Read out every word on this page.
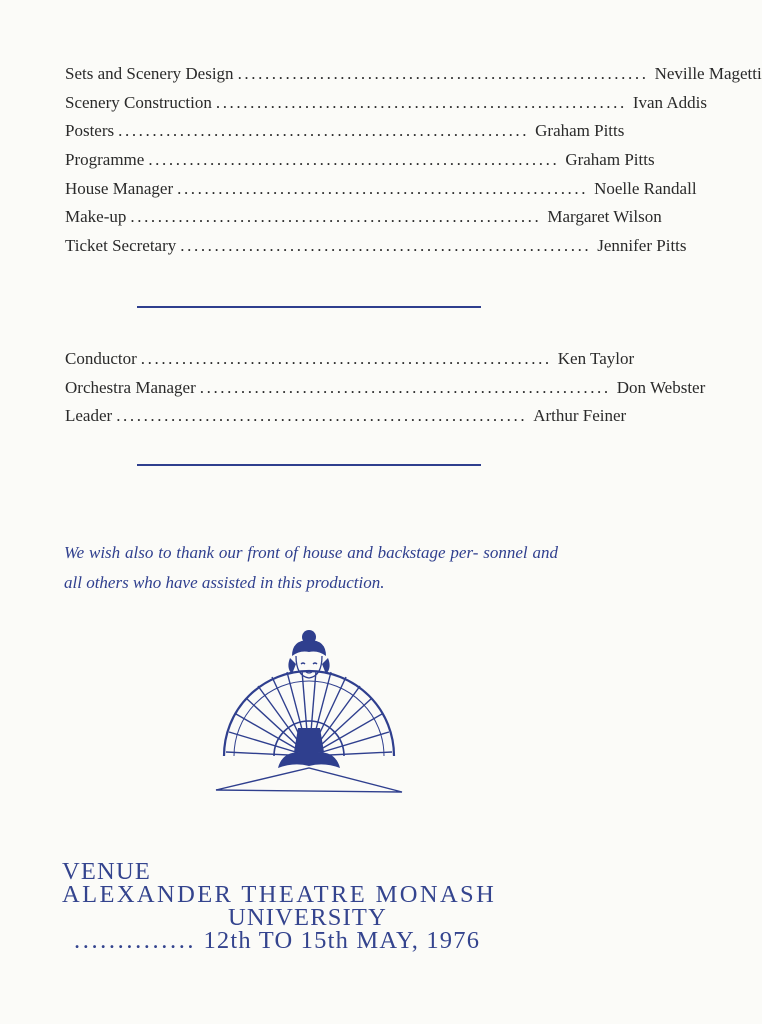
Sets and Scenery Design ............................................................ Neville Magetti
Scenery Construction ............................................................ Ivan Addis
Posters ............................................................ Graham Pitts
Programme ............................................................ Graham Pitts
House Manager ............................................................ Noelle Randall
Make-up ............................................................ Margaret Wilson
Ticket Secretary ............................................................ Jennifer Pitts
Conductor ............................................................ Ken Taylor
Orchestra Manager ............................................................ Don Webster
Leader ............................................................ Arthur Feiner

We wish also to thank our front of house and backstage per- sonnel and all others who have assisted in this production.

VENUE

ALEXANDER THEATRE MONASH

UNIVERSITY

.............. 12th TO 15th MAY, 1976
